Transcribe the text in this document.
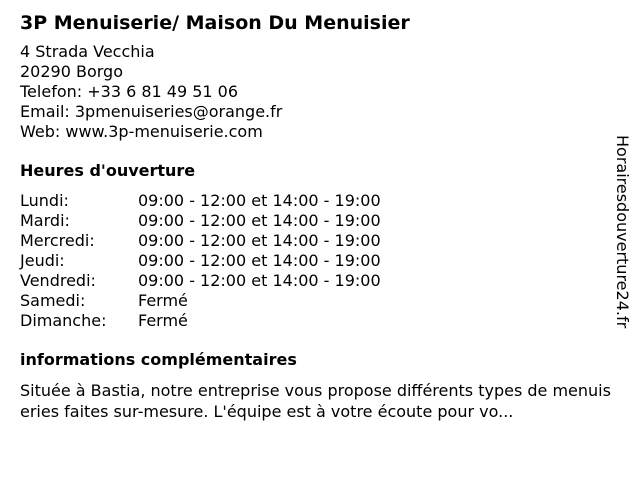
3P Menuiserie/ Maison Du Menuisier
4 Strada Vecchia
20290 Borgo
Telefon: +33 6 81 49 51 06
Email: 3pmenuiseries@orange.fr
Web: www.3p-menuiserie.com
Heures d'ouverture
Lundi:	09:00 - 12:00 et 14:00 - 19:00
Mardi:	09:00 - 12:00 et 14:00 - 19:00
Mercredi:	09:00 - 12:00 et 14:00 - 19:00
Jeudi:	09:00 - 12:00 et 14:00 - 19:00
Vendredi:	09:00 - 12:00 et 14:00 - 19:00
Samedi:	Fermé
Dimanche:	Fermé
informations complémentaires
Située à Bastia, notre entreprise vous propose différents types de menuiseries faites sur-mesure. L'équipe est à votre écoute pour vo...
Horairesdouverture24.fr
